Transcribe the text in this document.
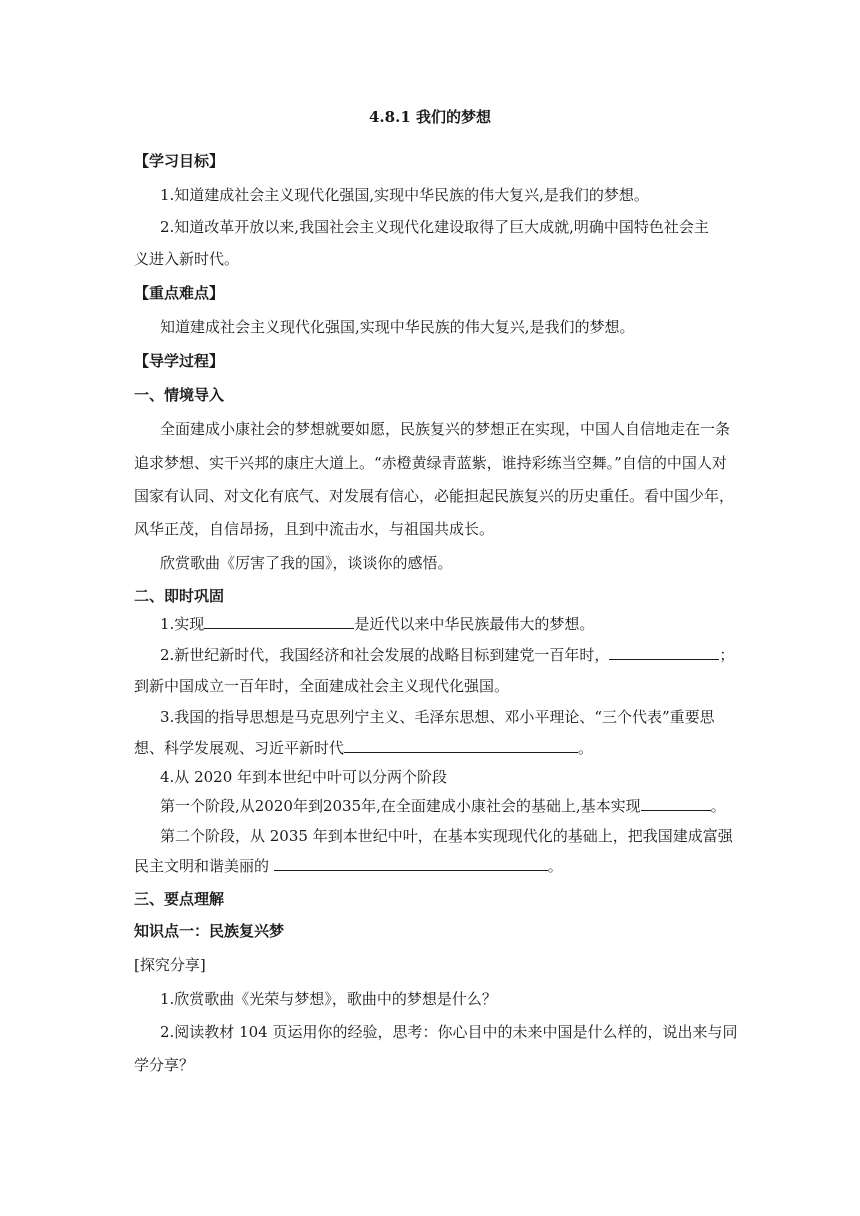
4.8.1 我们的梦想
【学习目标】
1.知道建成社会主义现代化强国,实现中华民族的伟大复兴,是我们的梦想。
2.知道改革开放以来,我国社会主义现代化建设取得了巨大成就,明确中国特色社会主
义进入新时代。
【重点难点】
知道建成社会主义现代化强国,实现中华民族的伟大复兴,是我们的梦想。
【导学过程】
一、情境导入
全面建成小康社会的梦想就要如愿，民族复兴的梦想正在实现，中国人自信地走在一条
追求梦想、实干兴邦的康庄大道上。“赤橙黄绿青蓝紫，谁持彩练当空舞。”自信的中国人对
国家有认同、对文化有底气、对发展有信心，必能担起民族复兴的历史重任。看中国少年，
风华正茂，自信昂扬，且到中流击水，与祖国共成长。
欣赏歌曲《厉害了我的国》，谈谈你的感悟。
二、即时巩固
1.实现	是近代以来中华民族最伟大的梦想。
2.新世纪新时代，我国经济和社会发展的战略目标到建党一百年时，	；
到新中国成立一百年时，全面建成社会主义现代化强国。
3.我国的指导思想是马克思列宁主义、毛泽东思想、邓小平理论、“三个代表”重要思
想、科学发展观、习近平新时代	。
4.从 2020 年到本世纪中叶可以分两个阶段
第一个阶段,从2020年到2035年,在全面建成小康社会的基础上,基本实现	。
第二个阶段，从 2035 年到本世纪中叶，在基本实现现代化的基础上，把我国建成富强
民主文明和谐美丽的	。
三、要点理解
知识点一：民族复兴梦
[探究分享]
1.欣赏歌曲《光荣与梦想》，歌曲中的梦想是什么？
2.阅读教材 104 页运用你的经验，思考：你心目中的未来中国是什么样的，说出来与同
学分享？
